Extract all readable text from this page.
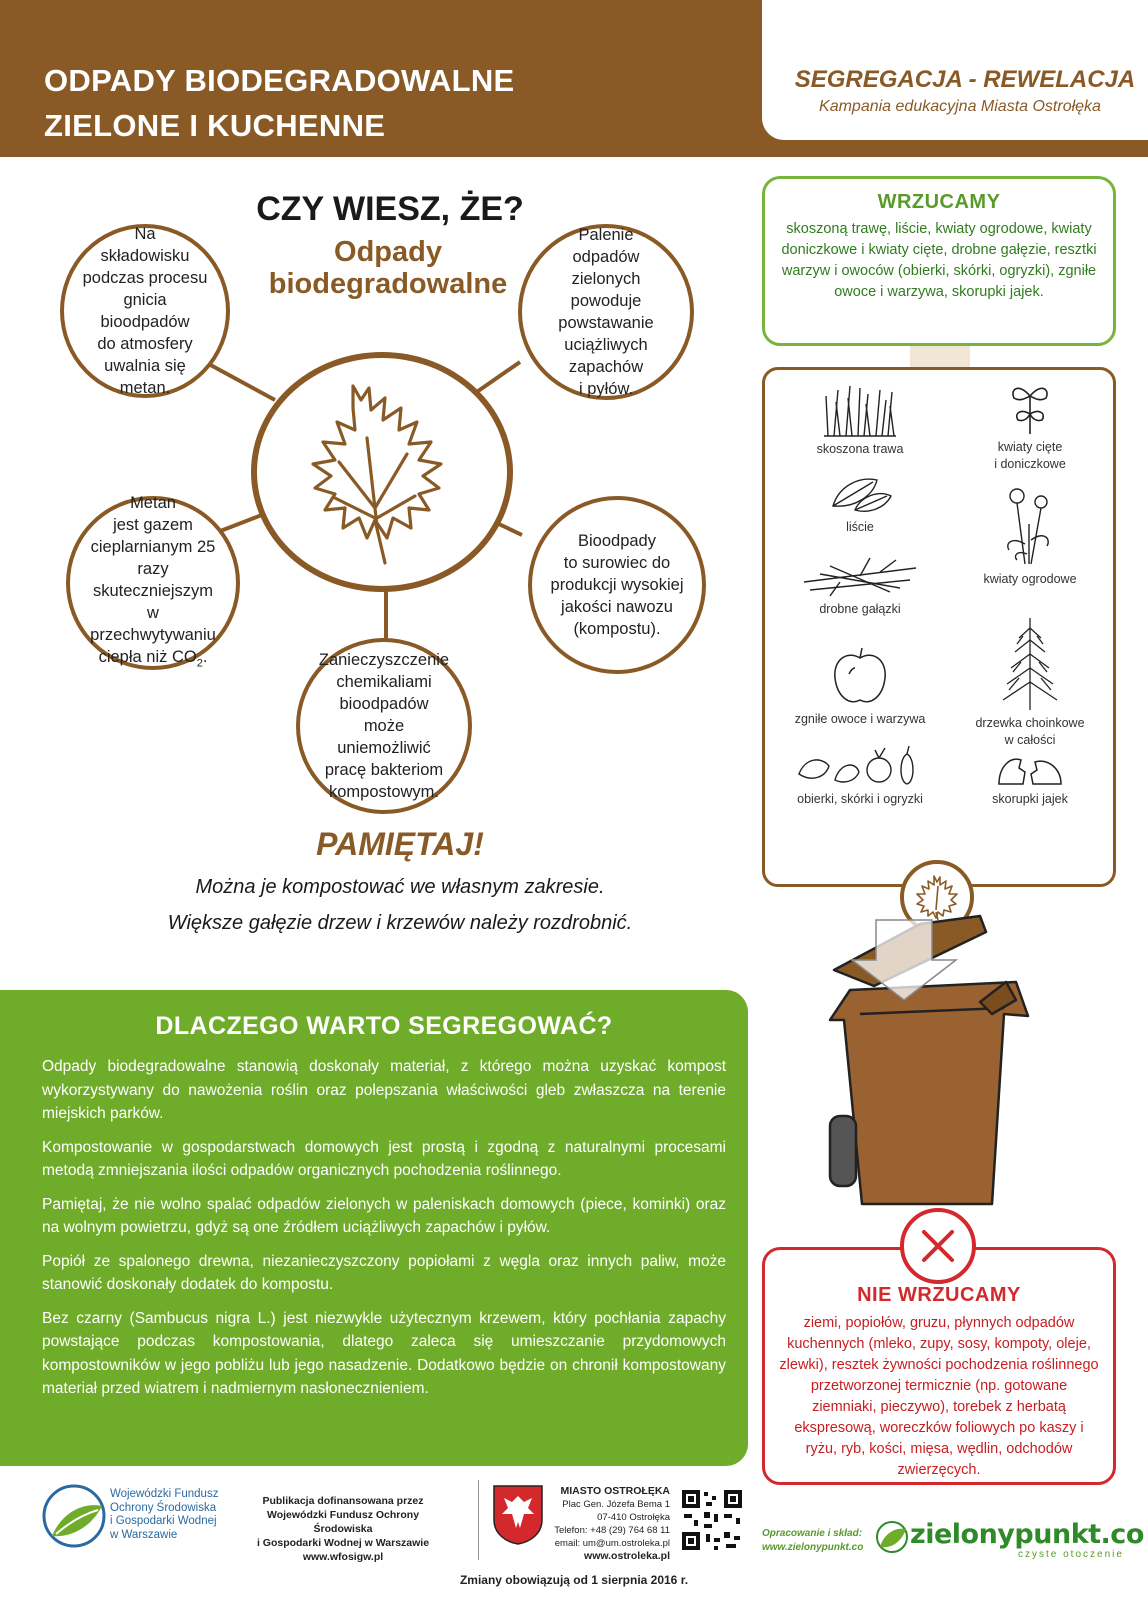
ODPADY BIODEGRADOWALNE
ZIELONE I KUCHENNE
SEGREGACJA - REWELACJA
Kampania edukacyjna Miasta Ostrołęka
CZY WIESZ, ŻE?
Odpady
biodegradowalne
Na
składowisku
podczas procesu
gnicia bioodpadów
do atmosfery
uwalnia się
metan.
Palenie
odpadów
zielonych powoduje
powstawanie
uciążliwych zapachów
i pyłów.
Metan
jest gazem
cieplarnianym 25
razy skuteczniejszym
w przechwytywaniu
ciepła niż $CO_2$.
Bioodpady
to surowiec do
produkcji wysokiej
jakości nawozu
(kompostu).
Zanieczyszczenie
chemikaliami
bioodpadów może
uniemożliwić
pracę bakteriom
kompostowym.
PAMIĘTAJ!
Można je kompostować we własnym zakresie.
Większe gałęzie drzew i krzewów należy rozdrobnić.
WRZUCAMY
skoszoną trawę, liście, kwiaty ogrodowe, kwiaty doniczkowe i kwiaty cięte, drobne gałęzie, resztki warzyw i owoców (obierki, skórki, ogryzki), zgniłe owoce i warzywa, skorupki jajek.
skoszona trawa	kwiaty cięte
i doniczkowe
liście
kwiaty ogrodowe
drobne gałązki
zgniłe owoce i warzywa	drzewka choinkowe
w całości
obierki, skórki i ogryzki	skorupki jajek
DLACZEGO WARTO SEGREGOWAĆ?

Odpady biodegradowalne stanowią doskonały materiał, z którego można uzyskać kompost wykorzystywany do nawożenia roślin oraz polepszania właściwości gleb zwłaszcza na terenie miejskich parków.

Kompostowanie w gospodarstwach domowych jest prostą i zgodną z naturalnymi procesami metodą zmniejszania ilości odpadów organicznych pochodzenia roślinnego.

Pamiętaj, że nie wolno spalać odpadów zielonych w paleniskach domowych (piece, kominki) oraz na wolnym powietrzu, gdyż są one źródłem uciążliwych zapachów i pyłów.

Popiół ze spalonego drewna, niezanieczyszczony popiołami z węgla oraz innych paliw, może stanowić doskonały dodatek do kompostu.

Bez czarny (Sambucus nigra L.) jest niezwykle użytecznym krzewem, który pochłania zapachy powstające podczas kompostowania, dlatego zaleca się umieszczanie przydomowych kompostowników w jego pobliżu lub jego nasadzenie. Dodatkowo będzie on chronił kompostowany materiał przed wiatrem i nadmiernym nasłonecznieniem.

NIE WRZUCAMY
ziemi, popiołów, gruzu, płynnych odpadów kuchennych (mleko, zupy, sosy, kompoty, oleje, zlewki), resztek żywności pochodzenia roślinnego przetworzonej termicznie (np. gotowane ziemniaki, pieczywo), torebek z herbatą ekspresową, woreczków foliowych po kaszy i ryżu, ryb, kości, mięsa, wędlin, odchodów zwierzęcych.
Wojewódzki Fundusz
Ochrony Środowiska
i Gospodarki Wodnej
w Warszawie
Publikacja dofinansowana przez
Wojewódzki Fundusz Ochrony Środowiska
i Gospodarki Wodnej w Warszawie
www.wfosigw.pl
MIASTO OSTROŁĘKA
Plac Gen. Józefa Bema 1
07-410 Ostrołęka
Telefon: +48 (29) 764 68 11
email: um@um.ostroleka.pl
www.ostroleka.pl
Opracowanie i skład:
www.zielonypunkt.co	zielonypunkt.co
czyste otoczenie
Zmiany obowiązują od 1 sierpnia 2016 r.
